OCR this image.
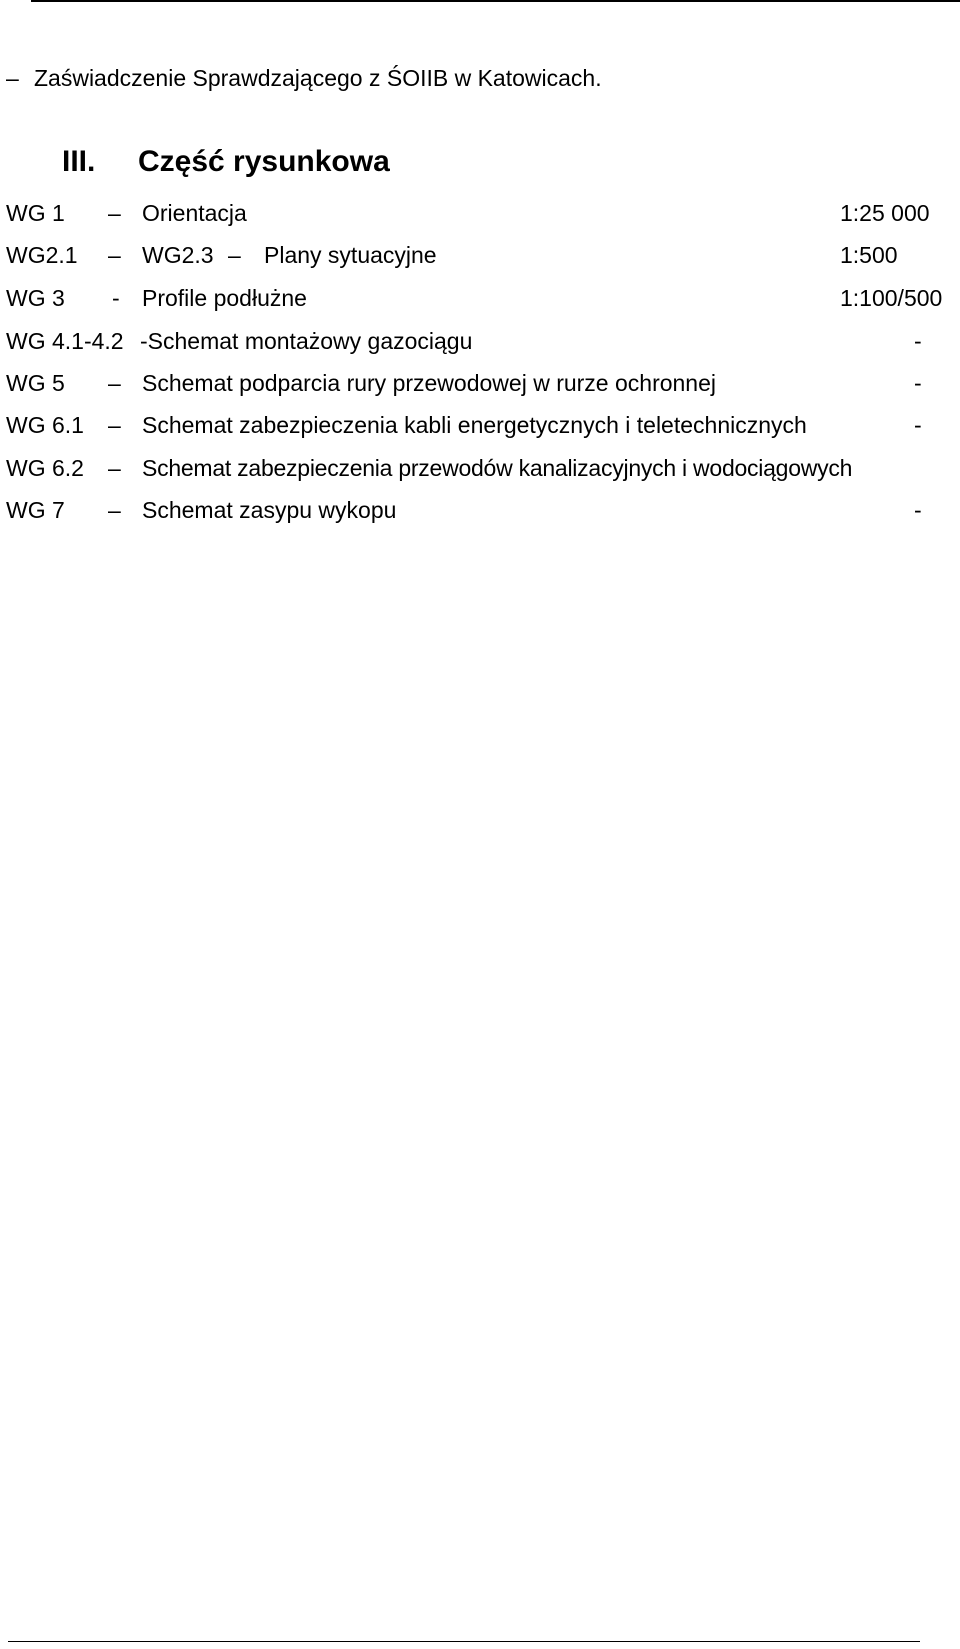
– Zaświadczenie Sprawdzającego z ŚOIIB w Katowicach.
III. Część rysunkowa
WG 1 – Orientacja	1:25 000
WG2.1 – WG2.3 – Plany sytuacyjne	1:500
WG 3 - Profile podłużne	1:100/500
WG 4.1-4.2 -Schemat montażowy gazociągu	-
WG 5 – Schemat podparcia rury przewodowej w rurze ochronnej	-
WG 6.1 – Schemat zabezpieczenia kabli energetycznych i teletechnicznych	-
WG 6.2 – Schemat zabezpieczenia przewodów kanalizacyjnych i wodociągowych
WG 7 – Schemat zasypu wykopu	-
